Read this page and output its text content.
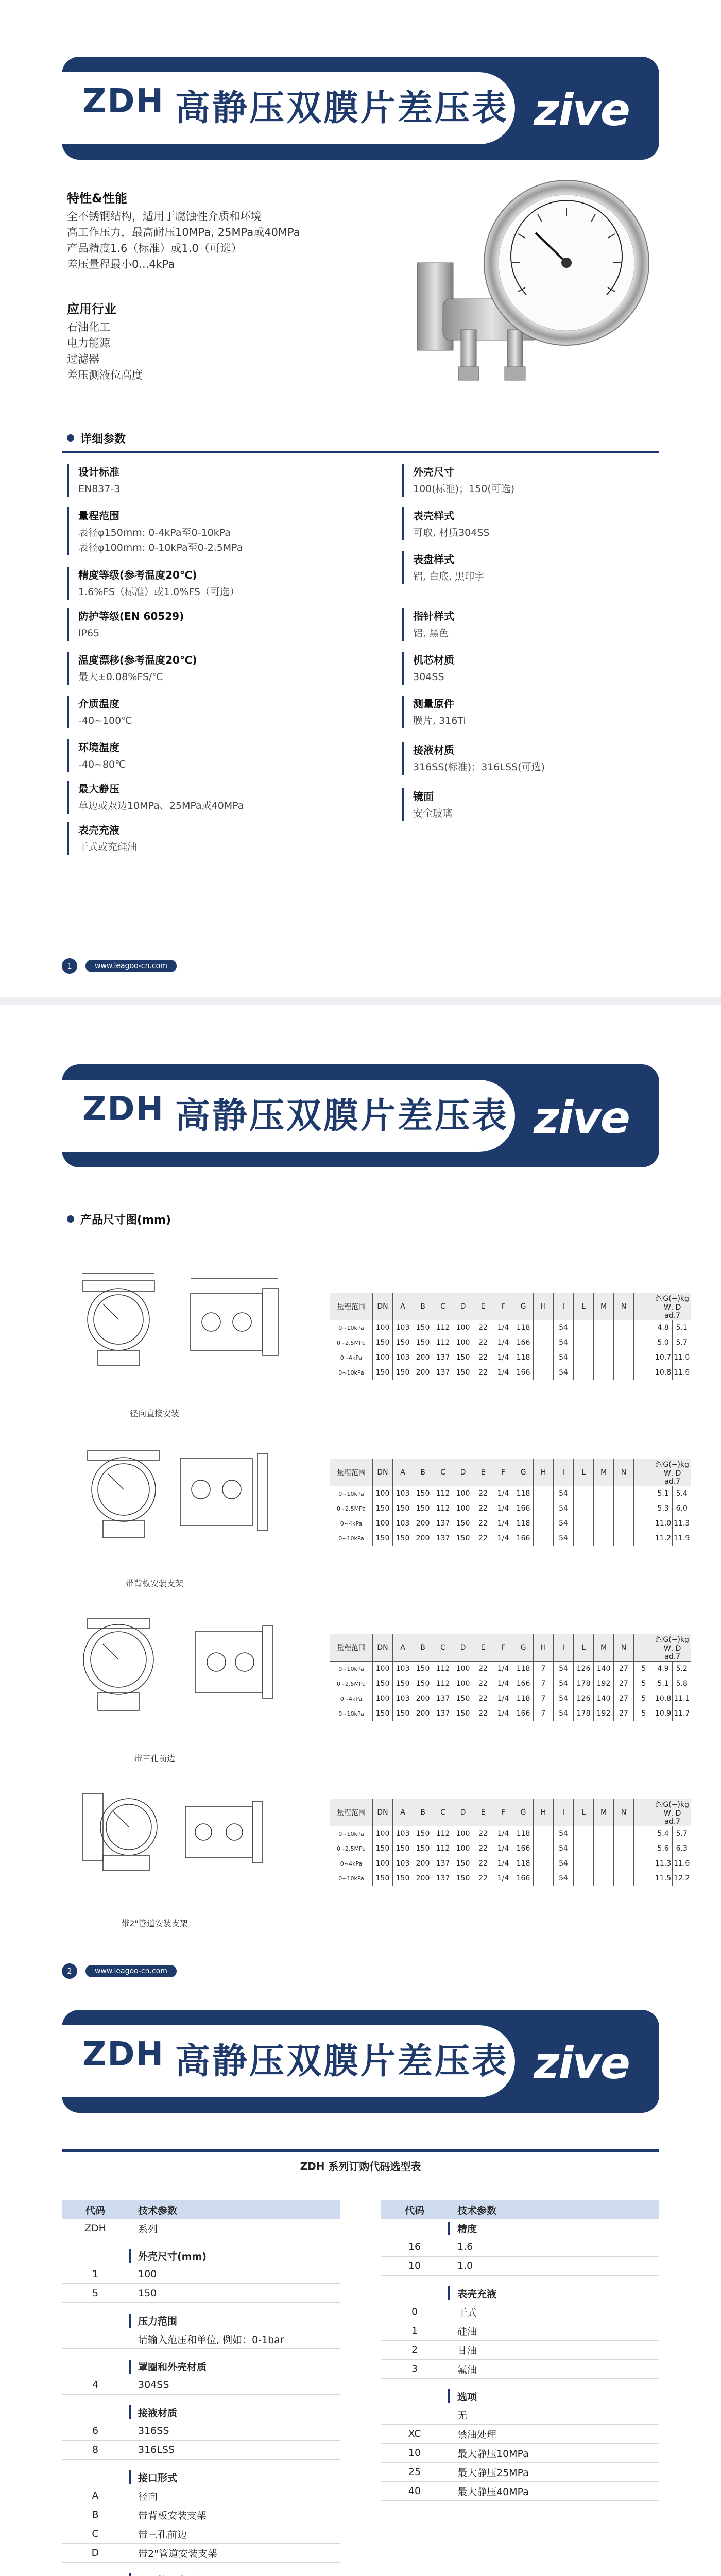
ZDH 高静压双膜片差压表 zive
特性&性能
全不锈钢结构，适用于腐蚀性介质和环境
高工作压力，最高耐压10MPa, 25MPa或40MPa
产品精度1.6（标准）或1.0（可选）
差压量程最小0...4kPa
应用行业
石油化工
电力能源
过滤器
差压测液位高度
详细参数
设计标准
EN837-3
量程范围
表径φ150mm: 0-4kPa至0-10kPa
表径φ100mm: 0-10kPa至0-2.5MPa
精度等级(参考温度20℃)
1.6%FS（标准）或1.0%FS（可选）
防护等级(EN 60529)
IP65
温度漂移(参考温度20℃)
最大±0.08%FS/℃
介质温度
-40~100℃
环境温度
-40~80℃
最大静压
单边或双边10MPa、25MPa或40MPa
表壳充液
干式或充硅油
外壳尺寸
100(标准)；150(可选)
表壳样式
可取, 材质304SS
表盘样式
铝, 白底, 黑印字
指针样式
铝, 黑色
机芯材质
304SS
测量原件
膜片, 316Ti
接液材质
316SS(标准)；316LSS(可选)
镜面
安全玻璃
1	www.leagoo-cn.com
ZDH 高静压双膜片差压表 zive
产品尺寸图(mm)
径向直接安装
带背板安装支架
带三孔前边
带2"管道安装支架
量程范围	DN	A	B	C	D	E	F	G	H	I	L	M	N		约G(−)kg W, D ad.7	
0~10kPa	100	103	150	112	100	22	1/4	118		54					4.8	5.1
0~2.5MPa	150	150	150	112	100	22	1/4	166		54					5.0	5.7
0~4kPa	100	103	200	137	150	22	1/4	118		54					10.7	11.0
0~10kPa	150	150	200	137	150	22	1/4	166		54					10.8	11.6
量程范围	DN	A	B	C	D	E	F	G	H	I	L	M	N		约G(−)kg W, D ad.7	
0~10kPa	100	103	150	112	100	22	1/4	118		54					5.1	5.4
0~2.5MPa	150	150	150	112	100	22	1/4	166		54					5.3	6.0
0~4kPa	100	103	200	137	150	22	1/4	118		54					11.0	11.3
0~10kPa	150	150	200	137	150	22	1/4	166		54					11.2	11.9
量程范围	DN	A	B	C	D	E	F	G	H	I	L	M	N		约G(−)kg W, D ad.7	
0~10kPa	100	103	150	112	100	22	1/4	118	7	54	126	140	27	5	4.9	5.2
0~2.5MPa	150	150	150	112	100	22	1/4	166	7	54	178	192	27	5	5.1	5.8
0~4kPa	100	103	200	137	150	22	1/4	118	7	54	126	140	27	5	10.8	11.1
0~10kPa	150	150	200	137	150	22	1/4	166	7	54	178	192	27	5	10.9	11.7
量程范围	DN	A	B	C	D	E	F	G	H	I	L	M	N		约G(−)kg W, D ad.7	
0~10kPa	100	103	150	112	100	22	1/4	118		54					5.4	5.7
0~2.5MPa	150	150	150	112	100	22	1/4	166		54					5.6	6.3
0~4kPa	100	103	200	137	150	22	1/4	118		54					11.3	11.6
0~10kPa	150	150	200	137	150	22	1/4	166		54					11.5	12.2
2	www.leagoo-cn.com
ZDH 高静压双膜片差压表 zive
ZDH 系列订购代码选型表
代码	技术参数
ZDH	系列
外壳尺寸(mm)
1	100
5	150
压力范围
请输入范压和单位, 例如：0-1bar
罩圈和外壳材质
4	304SS
接液材质
6	316SS
8	316LSS
接口形式
A	径向
B	带背板安装支架
C	带三孔前边
D	带2"管道安装支架
代码	技术参数
精度
16	1.6
10	1.0
表壳充液
0	干式
1	硅油
2	甘油
3	氟油
选项
无
XC	禁油处理
10	最大静压10MPa
25	最大静压25MPa
40	最大静压40MPa
